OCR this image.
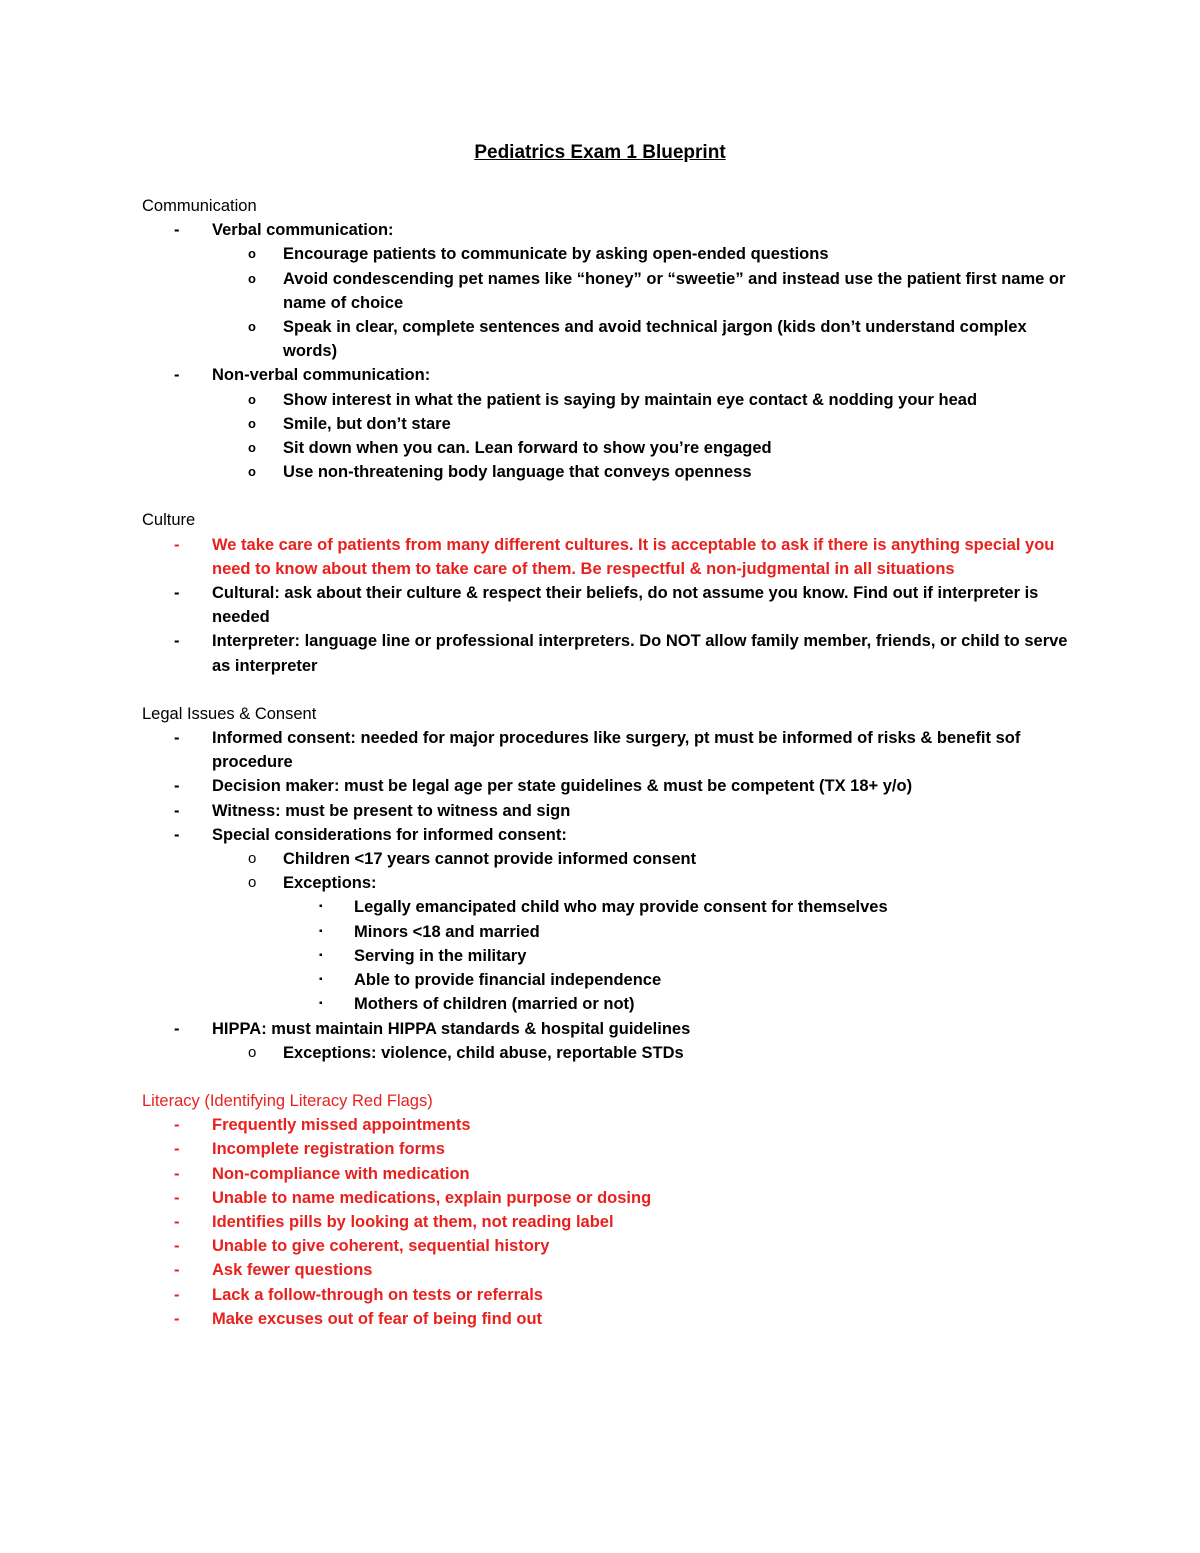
Pediatrics Exam 1 Blueprint
Communication
- Verbal communication:
o Encourage patients to communicate by asking open-ended questions
o Avoid condescending pet names like “honey” or “sweetie” and instead use the patient first name or name of choice
o Speak in clear, complete sentences and avoid technical jargon (kids don’t understand complex words)
- Non-verbal communication:
o Show interest in what the patient is saying by maintain eye contact & nodding your head
o Smile, but don’t stare
o Sit down when you can. Lean forward to show you’re engaged
o Use non-threatening body language that conveys openness
Culture
- We take care of patients from many different cultures. It is acceptable to ask if there is anything special you need to know about them to take care of them. Be respectful & non-judgmental in all situations
- Cultural: ask about their culture & respect their beliefs, do not assume you know. Find out if interpreter is needed
- Interpreter: language line or professional interpreters. Do NOT allow family member, friends, or child to serve as interpreter
Legal Issues & Consent
- Informed consent: needed for major procedures like surgery, pt must be informed of risks & benefit sof procedure
- Decision maker: must be legal age per state guidelines & must be competent (TX 18+ y/o)
- Witness: must be present to witness and sign
- Special considerations for informed consent:
o Children <17 years cannot provide informed consent
o Exceptions:
▪ Legally emancipated child who may provide consent for themselves
▪ Minors <18 and married
▪ Serving in the military
▪ Able to provide financial independence
▪ Mothers of children (married or not)
- HIPPA: must maintain HIPPA standards & hospital guidelines
o Exceptions: violence, child abuse, reportable STDs
Literacy (Identifying Literacy Red Flags)
- Frequently missed appointments
- Incomplete registration forms
- Non-compliance with medication
- Unable to name medications, explain purpose or dosing
- Identifies pills by looking at them, not reading label
- Unable to give coherent, sequential history
- Ask fewer questions
- Lack a follow-through on tests or referrals
- Make excuses out of fear of being find out
